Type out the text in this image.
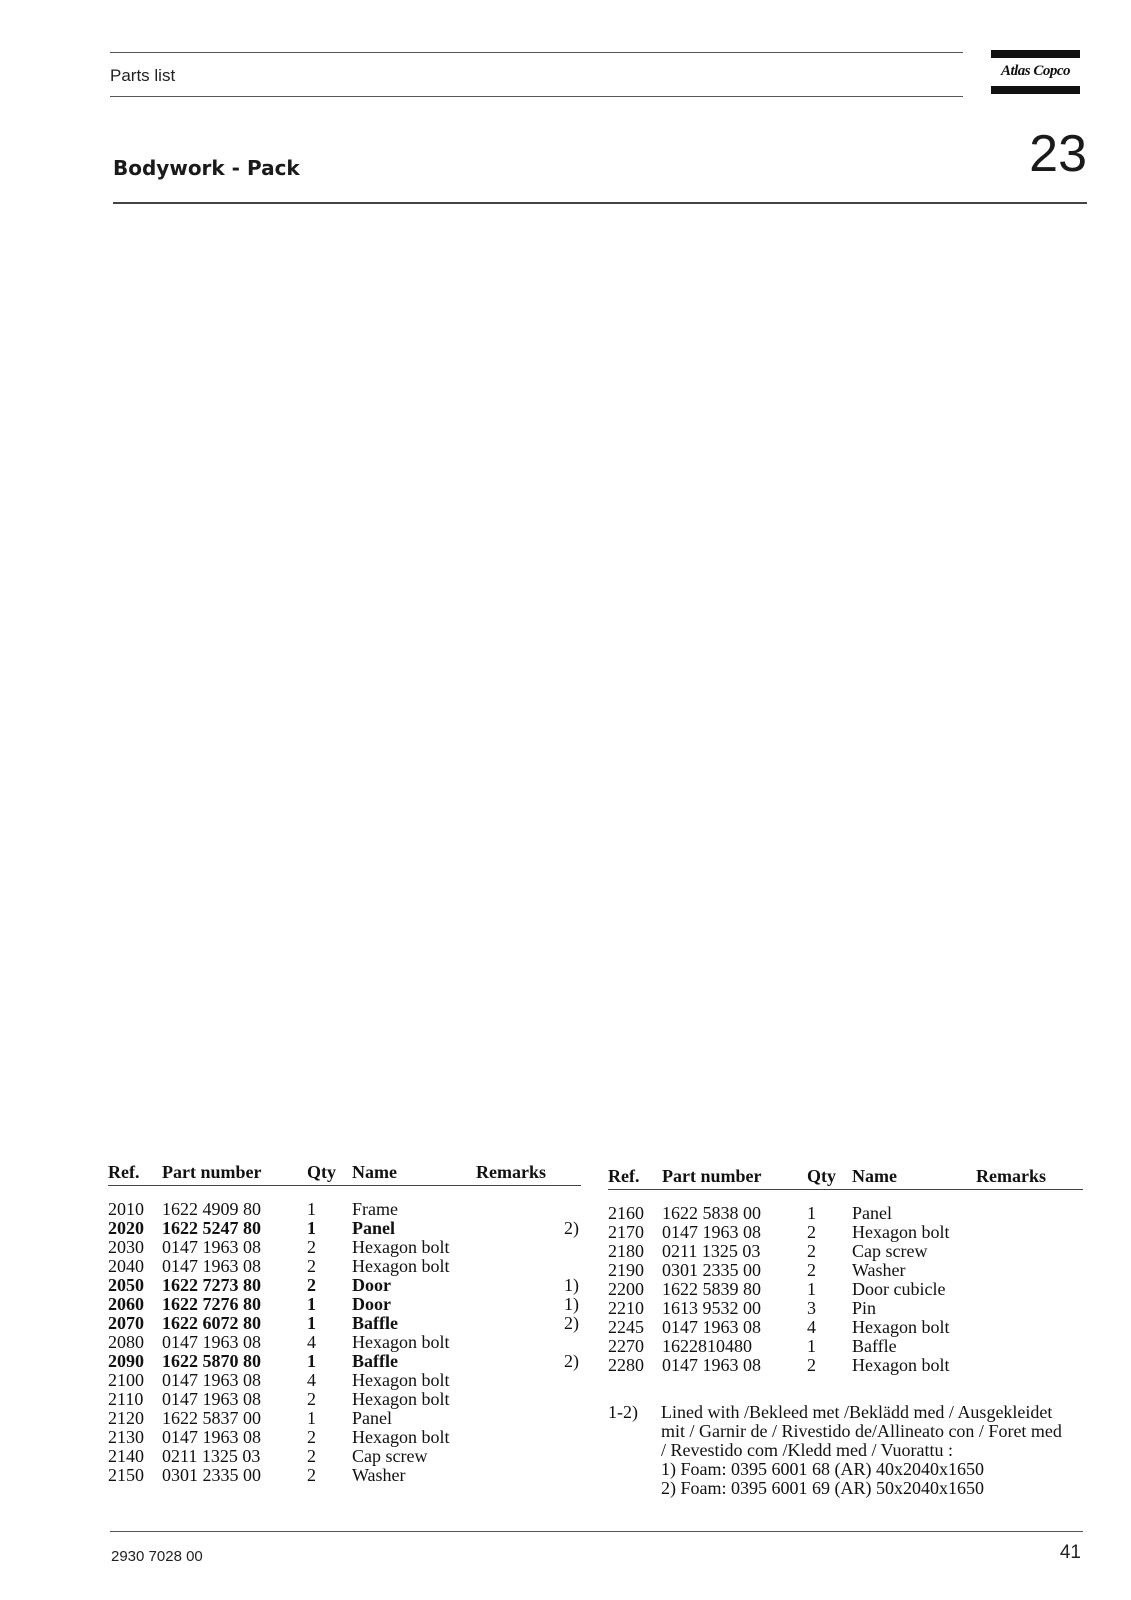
Parts list	Atlas Copco
Bodywork - Pack	23
Ref.	Part number	Qty Name	Remarks
2010	1622 4909 80	1	Frame
2020	1622 5247 80	1	Panel	2)
2030	0147 1963 08	2	Hexagon bolt
2040	0147 1963 08	2	Hexagon bolt
2050	1622 7273 80	2	Door	1)
2060	1622 7276 80	1	Door	1)
2070	1622 6072 80	1	Baffle	2)
2080	0147 1963 08	4	Hexagon bolt
2090	1622 5870 80	1	Baffle	2)
2100	0147 1963 08	4	Hexagon bolt
2110	0147 1963 08	2	Hexagon bolt
2120	1622 5837 00	1	Panel
2130	0147 1963 08	2	Hexagon bolt
2140	0211 1325 03	2	Cap screw
2150	0301 2335 00	2	Washer
Ref.	Part number	Qty Name	Remarks
2160	1622 5838 00	1	Panel
2170	0147 1963 08	2	Hexagon bolt
2180	0211 1325 03	2	Cap screw
2190	0301 2335 00	2	Washer
2200	1622 5839 80	1	Door cubicle
2210	1613 9532 00	3	Pin
2245	0147 1963 08	4	Hexagon bolt
2270	1622810480	1	Baffle
2280	0147 1963 08	2	Hexagon bolt
1-2)	Lined with /Bekleed met /Beklädd med / Ausgekleidet
mit / Garnir de / Rivestido de/Allineato con / Foret med
/ Revestido com /Kledd med / Vuorattu :
1) Foam: 0395 6001 68 (AR) 40x2040x1650
2) Foam: 0395 6001 69 (AR) 50x2040x1650
2930 7028 00	41
